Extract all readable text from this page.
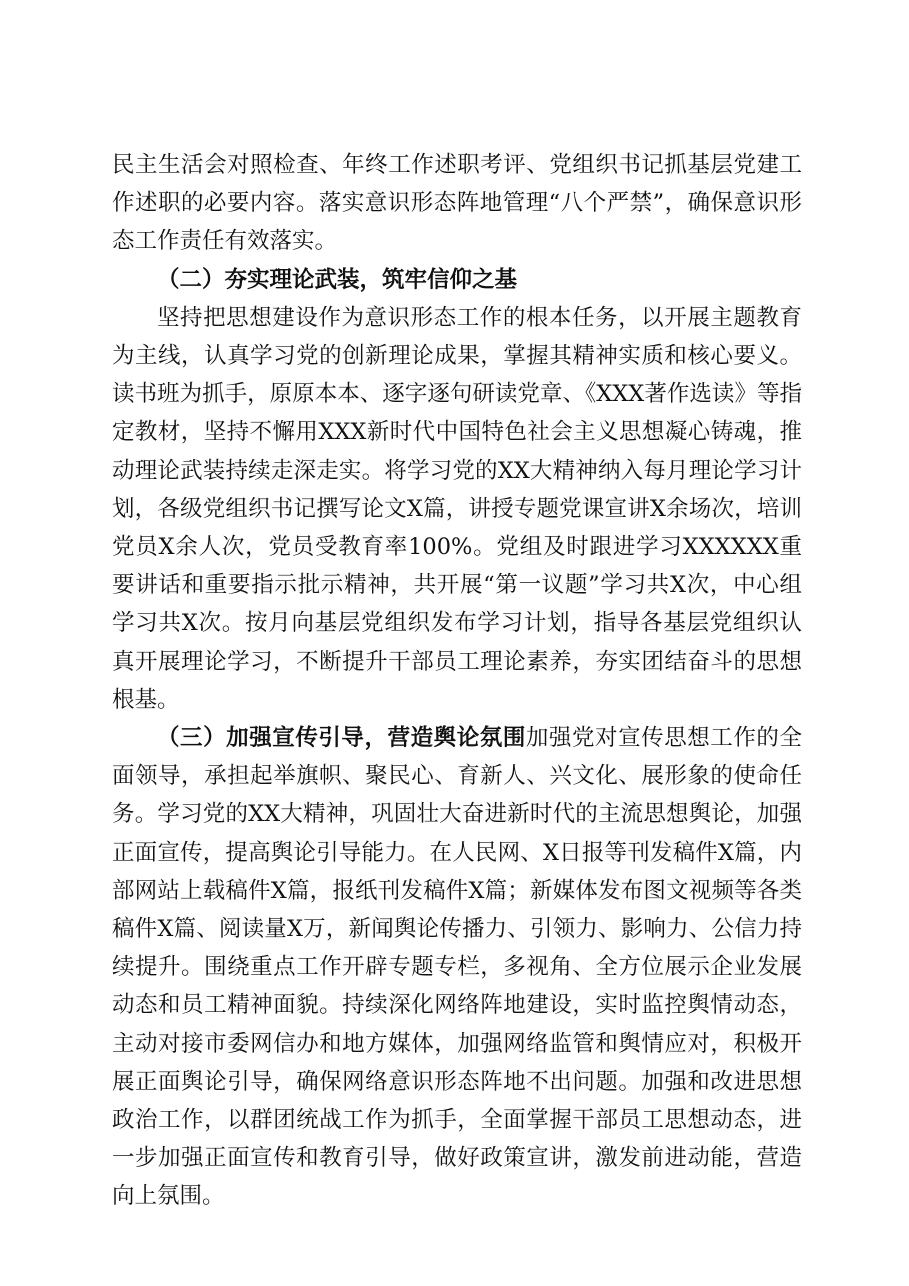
民主生活会对照检查、年终工作述职考评、党组织书记抓基层党建工作述职的必要内容。落实意识形态阵地管理“八个严禁”，确保意识形态工作责任有效落实。

（二）夯实理论武装，筑牢信仰之基

坚持把思想建设作为意识形态工作的根本任务，以开展主题教育为主线，认真学习党的创新理论成果，掌握其精神实质和核心要义。读书班为抓手，原原本本、逐字逐句研读党章、《XXX著作选读》等指定教材，坚持不懈用XXX新时代中国特色社会主义思想凝心铸魂，推动理论武装持续走深走实。将学习党的XX大精神纳入每月理论学习计划，各级党组织书记撰写论文X篇，讲授专题党课宣讲X余场次，培训党员X余人次，党员受教育率100%。党组及时跟进学习XXXXXX重要讲话和重要指示批示精神，共开展“第一议题”学习共X次，中心组学习共X次。按月向基层党组织发布学习计划，指导各基层党组织认真开展理论学习，不断提升干部员工理论素养，夯实团结奋斗的思想根基。

（三）加强宣传引导，营造舆论氛围加强党对宣传思想工作的全面领导，承担起举旗帜、聚民心、育新人、兴文化、展形象的使命任务。学习党的XX大精神，巩固壮大奋进新时代的主流思想舆论，加强正面宣传，提高舆论引导能力。在人民网、X日报等刊发稿件X篇，内部网站上载稿件X篇，报纸刊发稿件X篇；新媒体发布图文视频等各类稿件X篇、阅读量X万，新闻舆论传播力、引领力、影响力、公信力持续提升。围绕重点工作开辟专题专栏，多视角、全方位展示企业发展动态和员工精神面貌。持续深化网络阵地建设，实时监控舆情动态，主动对接市委网信办和地方媒体，加强网络监管和舆情应对，积极开展正面舆论引导，确保网络意识形态阵地不出问题。加强和改进思想政治工作，以群团统战工作为抓手，全面掌握干部员工思想动态，进一步加强正面宣传和教育引导，做好政策宣讲，激发前进动能，营造向上氛围。
